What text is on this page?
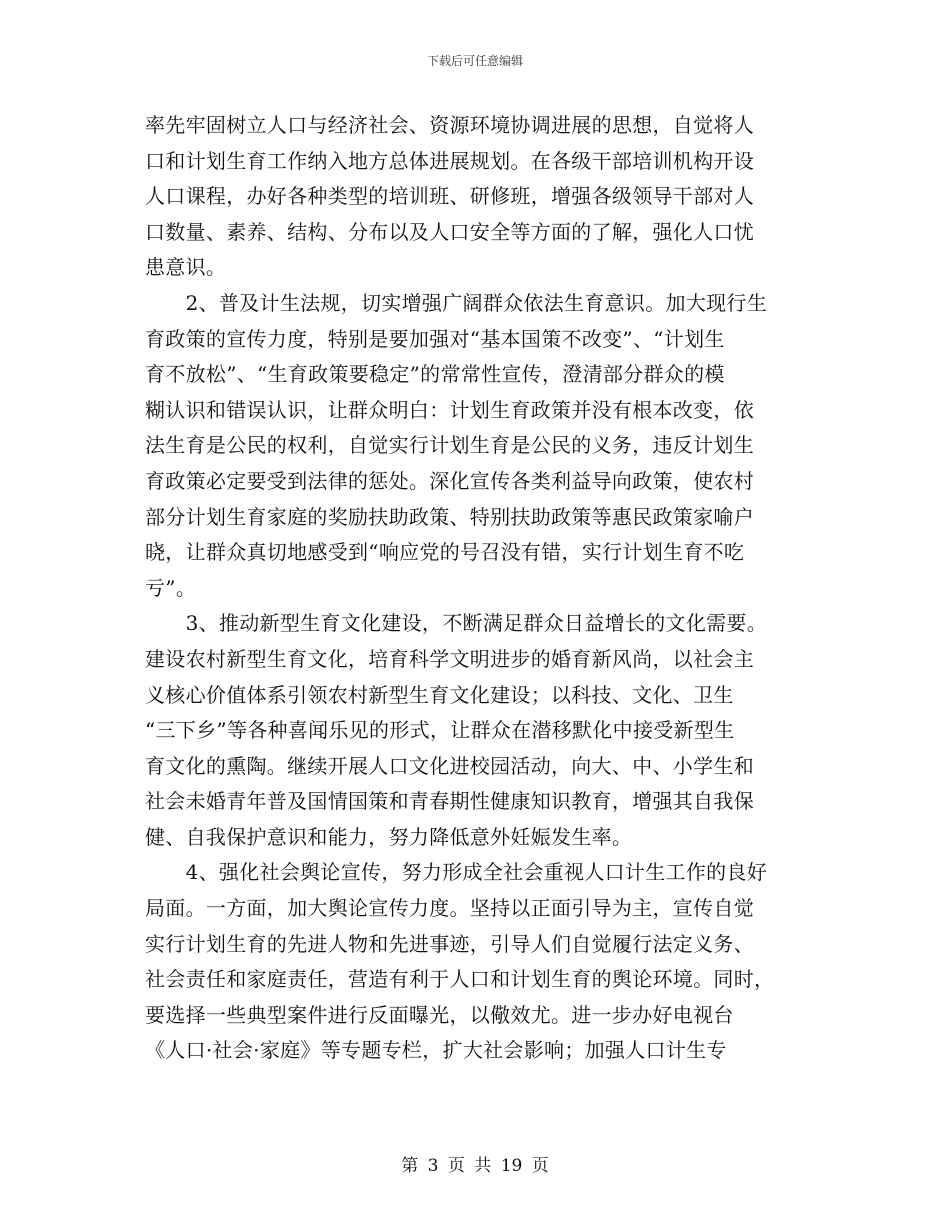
下载后可任意编辑

率先牢固树立人口与经济社会、资源环境协调进展的思想，自觉将人
口和计划生育工作纳入地方总体进展规划。在各级干部培训机构开设
人口课程，办好各种类型的培训班、研修班，增强各级领导干部对人
口数量、素养、结构、分布以及人口安全等方面的了解，强化人口忧
患意识。

　　2、普及计生法规，切实增强广阔群众依法生育意识。加大现行生
育政策的宣传力度，特别是要加强对“基本国策不改变”、“计划生
育不放松”、“生育政策要稳定”的常常性宣传，澄清部分群众的模
糊认识和错误认识，让群众明白：计划生育政策并没有根本改变，依
法生育是公民的权利，自觉实行计划生育是公民的义务，违反计划生
育政策必定要受到法律的惩处。深化宣传各类利益导向政策，使农村
部分计划生育家庭的奖励扶助政策、特别扶助政策等惠民政策家喻户
晓，让群众真切地感受到“响应党的号召没有错，实行计划生育不吃
亏”。

　　3、推动新型生育文化建设，不断满足群众日益增长的文化需要。
建设农村新型生育文化，培育科学文明进步的婚育新风尚，以社会主
义核心价值体系引领农村新型生育文化建设；以科技、文化、卫生
“三下乡”等各种喜闻乐见的形式，让群众在潜移默化中接受新型生
育文化的熏陶。继续开展人口文化进校园活动，向大、中、小学生和
社会未婚青年普及国情国策和青春期性健康知识教育，增强其自我保
健、自我保护意识和能力，努力降低意外妊娠发生率。

　　4、强化社会舆论宣传，努力形成全社会重视人口计生工作的良好
局面。一方面，加大舆论宣传力度。坚持以正面引导为主，宣传自觉
实行计划生育的先进人物和先进事迹，引导人们自觉履行法定义务、
社会责任和家庭责任，营造有利于人口和计划生育的舆论环境。同时，
要选择一些典型案件进行反面曝光，以儆效尤。进一步办好电视台
《人口·社会·家庭》等专题专栏，扩大社会影响；加强人口计生专

第 3 页 共 19 页
